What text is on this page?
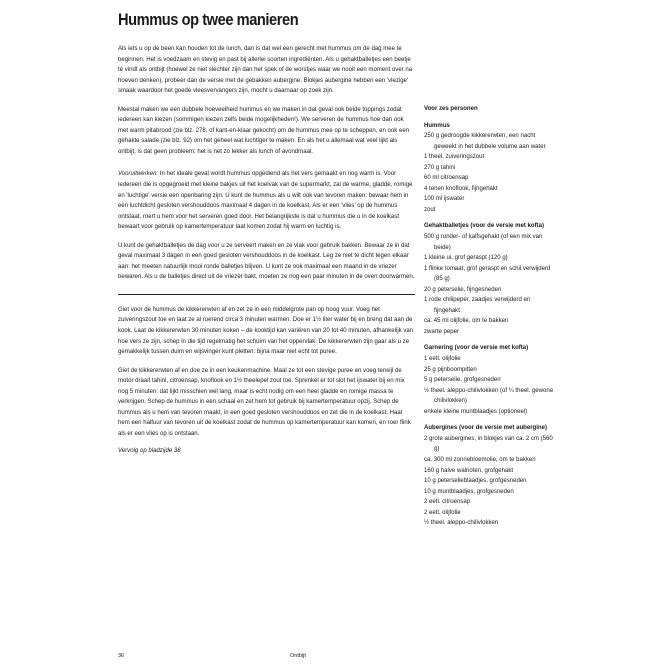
Hummus op twee manieren

Als iets u op de been kan houden tot de lunch, dan is dat wel een gerecht met hummus om de dag mee te beginnen. Het is voedzaam en stevig en past bij allerlei soorten ingrediënten. Als u gehaktballetjes een beetje té vindt als ontbijt (hoewel ze niet slechter zijn dan het spek of de worstjes waar we nooit een moment over na hoeven denken), probeer dan de versie met de gebakken aubergine. Blokjes aubergine hebben een 'vlezige' smaak waardoor het goede vleesvervangers zijn, mocht u daarnaar op zoek zijn.

Meestal maken we een dubbele hoeveelheid hummus en we maken in dat geval ook beide toppings zodat iedereen kan kiezen (sommigen kiezen zelfs beide mogelijkheden!). We serveren de hummus hoe dan ook met warm pitabrood (zie blz. 278, of kant-en-klaar gekocht) om de hummus mee op te scheppen, en ook een gehakte salade (zie blz. 92) om het geheel wat luchtiger te maken. En als het u allemaal wat veel lijkt als ontbijt, is dat geen probleem: het is net zo lekker als lunch of avondmaal.

Vooruitwerken: In het ideale geval wordt hummus opgediend als het vers gemaakt en nog warm is. Voor iedereen die is opgegroeid met kleine bakjes uit het koelvak van de supermarkt, zal de warme, gladde, romige en 'luchtige' versie een openbaring zijn. U kunt de hummus als u wilt ook van tevoren maken: bewaar hem in een luchtdicht gesloten vershouddoos maximaal 4 dagen in de koelkast. Als er een 'vlies' op de hummus ontstaat, roert u hem voor het serveren goed door. Het belangrijkste is dat u hummus die u in de koelkast bewaart voor gebruik op kamertemperatuur laat komen zodat hij warm en luchtig is.

U kunt de gehaktballetjes de dag voor u ze serveert maken en ze vlak voor gebruik bakken. Bewaar ze in dat geval maximaal 3 dagen in een goed gesloten vershouddoos in de koelkast. Leg ze niet te dicht tegen elkaar aan: het meeten natuurlijk mooi ronde balletjes blijven. U kunt ze ook maximaal een maand in de vriezer bewaren. Als u de balletjes direct uit de vriezer bakt, moeten ze nog een paar minuten in de oven doorwarmen.

Giet voor de hummus de kikkererwten af en zet ze in een middelgrote pan op hoog vuur. Voeg het zuiveringszout toe en laat ze al roerend circa 3 minuten warmen. Doe er 1½ liter water bij en breng dat aan de kook. Laat de kikkererwten 30 minuten koken – de kooktijd kan variëren van 20 tot 40 minuten, afhankelijk van hoe vers ze zijn, schep in die tijd regelmatig het schuim van het oppervlak. De kikkererwten zijn gaar als u ze gemakkelijk tussen duim en wijsvinger kunt pletten: bijna maar niet echt tot puree.

Giet de kikkererwten af en doe ze in een keukenmachine. Maal ze tot een stevige puree en voeg terwijl de motor draait tahini, citroensap, knoflook en 1½ theelepel zout toe. Sprenkel er tot slot het ijswater bij en mix nog 5 minuten: dat lijkt misschien wel lang, maar is echt nodig om een heel gladde en romige massa te verkrijgen. Schep de hummus in een schaal en zet hem tot gebruik bij kamertemperatuur opzij. Schep de hummus als u hem van tevoren maakt, in een goed gesloten vershouddoos en zet die in de koelkast. Haal hem een halfuur van tevoren uit de koelkast zodat de hummus op kamertemperatuur kan komen, en roer flink als er een vlies op is ontstaan.

Vervolg op bladzijde 38
Voor zes personen
Hummus
250 g gedroogde kikkererwten, een nacht geweekt in het dubbele volume aan water
1 theel. zuiveringszout
270 g tahini
60 ml citroensap
4 tenen knoflook, fijngehakt
100 ml ijswater
zout
Gehaktballetjes (voor de versie met kofta)
500 g runder- of kalfsgehakt (of een mix van beide)
1 kleine ui, grof geraspt (120 g)
1 flinke tomaat, grof geraspt en schil verwijderd (85 g)
20 g peterselie, fijngesneden
1 rode chilipeper, zaadjes verwijderd en fijngehakt
ca. 45 ml olijfolie, om te bakken
zwarte peper
Garnering (voor de versie met kofta)
1 eetl. olijfolie
25 g pijnboompitten
5 g peterselie, grofgesneden
½ theel. aleppo-chilivlokken (of ¼ theel. gewone chilivlokken)
enkele kleine muntblaadjes (optioneel)
Aubergines (voor de versie met aubergine)
2 grote aubergines, in blokjes van ca. 2 cm (560 g)
ca. 300 ml zonnebloemolie, om te bakken
160 g halve walnoten, grofgehakt
10 g peterselieblaadjes, grofgesneden
10 g muntblaadjes, grofgesneden
2 eetl. citroensap
2 eetl. olijfolie
½ theel. aleppo-chilivlokken
36	Ontbijt
